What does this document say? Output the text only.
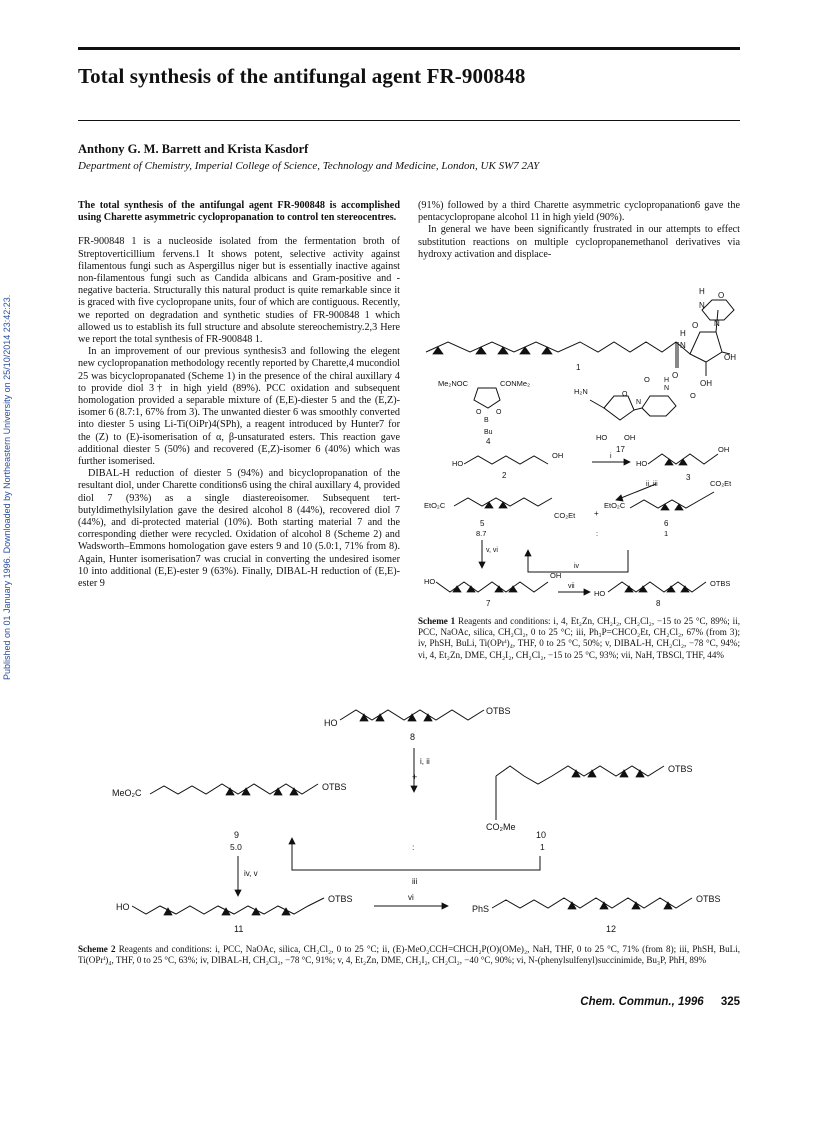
Total synthesis of the antifungal agent FR-900848
Anthony G. M. Barrett and Krista Kasdorf
Department of Chemistry, Imperial College of Science, Technology and Medicine, London, UK SW7 2AY
Published on 01 January 1996. Downloaded by Northeastern University on 25/10/2014 23:42:23.
The total synthesis of the antifungal agent FR-900848 is accomplished using Charette asymmetric cyclopropanation to control ten stereocentres.

FR-900848 1 is a nucleoside isolated from the fermentation broth of Streptoverticillium fervens.1 It shows potent, selective activity against filamentous fungi such as Aspergillus niger but is essentially inactive against non-filamentous fungi such as Candida albicans and Gram-positive and -negative bacteria. Structurally this natural product is quite remarkable since it is graced with five cyclopropane units, four of which are contiguous. Recently, we reported on degradation and synthetic studies of FR-900848 1 which allowed us to establish its full structure and absolute stereochemistry.2,3 Here we report the total synthesis of FR-900848 1.

In an improvement of our previous synthesis3 and following the elegent new cyclopropanation methodology recently reported by Charette,4 mucondiol 25 was bicyclopropanated (Scheme 1) in the presence of the chiral auxillary 4 to provide diol 3† in high yield (89%). PCC oxidation and subsequent homologation provided a separable mixture of (E,E)-diester 5 and the (E,Z)-isomer 6 (8.7:1, 67% from 3). The unwanted diester 6 was smoothly converted into diester 5 using Li-Ti(OiPr)4(SPh), a reagent introduced by Hunter7 for the (Z) to (E)-isomerisation of α, β-unsaturated esters. This reaction gave additional diester 5 (50%) and recovered (E,Z)-isomer 6 (40%) which was further isomerised.

DIBAL-H reduction of diester 5 (94%) and bicyclopropanation of the resultant diol, under Charette conditions6 using the chiral auxillary 4, provided diol 7 (93%) as a single diastereoisomer. Subsequent tert-butyldimethylsilylation gave the desired alcohol 8 (44%), recovered diol 7 (44%), and di-protected material (10%). Both starting material 7 and the corresponding diether were recycled. Oxidation of alcohol 8 (Scheme 2) and Wadsworth–Emmons homologation gave esters 9 and 10 (5.0:1, 71% from 8). Again, Hunter isomerisation7 was crucial in converting the undesired isomer 10 into additional (E,E)-ester 9 (63%). Finally, DIBAL-H reduction of (E,E)-ester 9

(91%) followed by a third Charette asymmetric cyclopropanation6 gave the pentacyclopropane alcohol 11 in high yield (90%).

In general we have been significantly frustrated in our attempts to effect substitution reactions on multiple cyclopropanemethanol derivatives via hydroxy activation and displace-

H O
N
O N
OH
OH
H
N
O
1
Me₂NOC	CONMe₂
O O
B
Bu
4
H₂N
O H
N
O
N
O
HO OH
17
HO
OH
2
i
HO
OH
3
ii, iii
EtO₂C
CO₂Et +
EtO₂C
CO₂Et
5
8.7	:
6
1
v, vi
iv
HO
OH
7
vii
HO
OTBS
8
Scheme 1 Reagents and conditions: i, 4, Et₂Zn, CH₂I₂, CH₂Cl₂, −15 to 25 °C, 89%; ii, PCC, NaOAc, silica, CH₂Cl₂, 0 to 25 °C; iii, Ph₃P=CHCO₂Et, CH₂Cl₂, 67% (from 3); iv, PhSH, BuLi, Ti(OPrⁱ)₄, THF, 0 to 25 °C, 50%; v, DIBAL-H, CH₂Cl₂, −78 °C, 94%; vi, 4, Et₂Zn, DME, CH₂I₂, CH₂Cl₂, −15 to 25 °C, 93%; vii, NaH, TBSCl, THF, 44%
HO
OTBS
8
i, ii
+
MeO₂C
OTBS
9
5.0
OTBS
CO₂Me
10
1
:
iv, v
iii
HO
OTBS
11
vi
PhS
OTBS
12
Scheme 2 Reagents and conditions: i, PCC, NaOAc, silica, CH₂Cl₂, 0 to 25 °C; ii, (E)-MeO₂CCH=CHCH₂P(O)(OMe)₂, NaH, THF, 0 to 25 °C, 71% (from 8); iii, PhSH, BuLi, Ti(OPrⁱ)₄, THF, 0 to 25 °C, 63%; iv, DIBAL-H, CH₂Cl₂, −78 °C, 91%; v, 4, Et₂Zn, DME, CH₂I₂, CH₂Cl₂, −40 °C, 90%; vi, N-(phenylsulfenyl)succinimide, Bu₃P, PhH, 89%
Chem. Commun., 1996 325
